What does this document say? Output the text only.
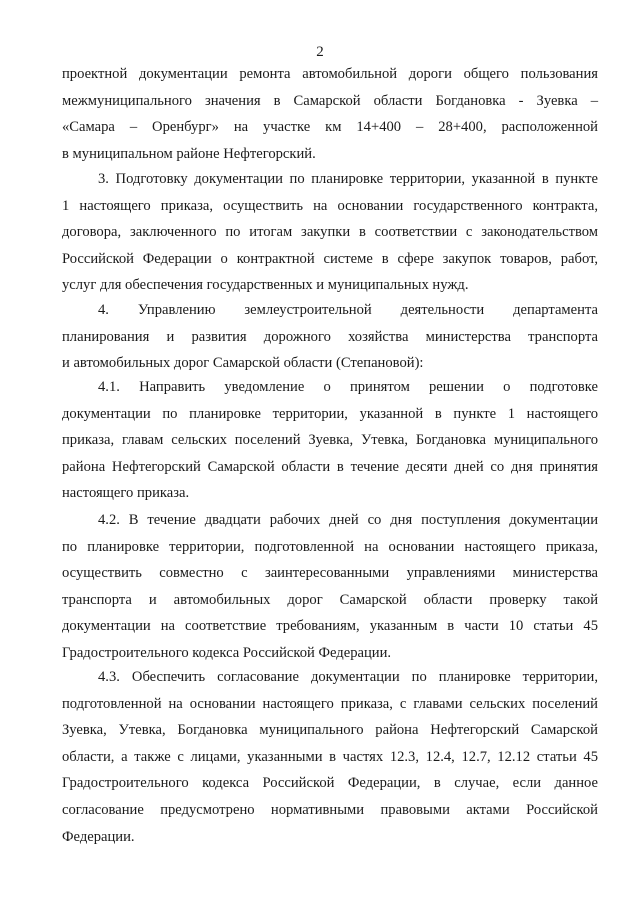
2
проектной документации ремонта автомобильной дороги общего пользования
межмуниципального значения в Самарской области Богдановка - Зуевка –
«Самара – Оренбург» на участке км 14+400 – 28+400, расположенной
в муниципальном районе Нефтегорский.
3. Подготовку документации по планировке территории, указанной в пункте
1 настоящего приказа, осуществить на основании государственного контракта,
договора, заключенного по итогам закупки в соответствии с законодательством
Российской Федерации о контрактной системе в сфере закупок товаров, работ,
услуг для обеспечения государственных и муниципальных нужд.
4. Управлению землеустроительной деятельности департамента
планирования и развития дорожного хозяйства министерства транспорта
и автомобильных дорог Самарской области (Степановой):
4.1. Направить уведомление о принятом решении о подготовке
документации по планировке территории, указанной в пункте 1 настоящего
приказа, главам сельских поселений Зуевка, Утевка, Богдановка муниципального
района Нефтегорский Самарской области в течение десяти дней со дня принятия
настоящего приказа.
4.2. В течение двадцати рабочих дней со дня поступления документации
по планировке территории, подготовленной на основании настоящего приказа,
осуществить совместно с заинтересованными управлениями министерства
транспорта и автомобильных дорог Самарской области проверку такой
документации на соответствие требованиям, указанным в части 10 статьи 45
Градостроительного кодекса Российской Федерации.
4.3. Обеспечить согласование документации по планировке территории,
подготовленной на основании настоящего приказа, с главами сельских поселений
Зуевка, Утевка, Богдановка муниципального района Нефтегорский Самарской
области, а также с лицами, указанными в частях 12.3, 12.4, 12.7, 12.12 статьи 45
Градостроительного кодекса Российской Федерации, в случае, если данное
согласование предусмотрено нормативными правовыми актами Российской
Федерации.
